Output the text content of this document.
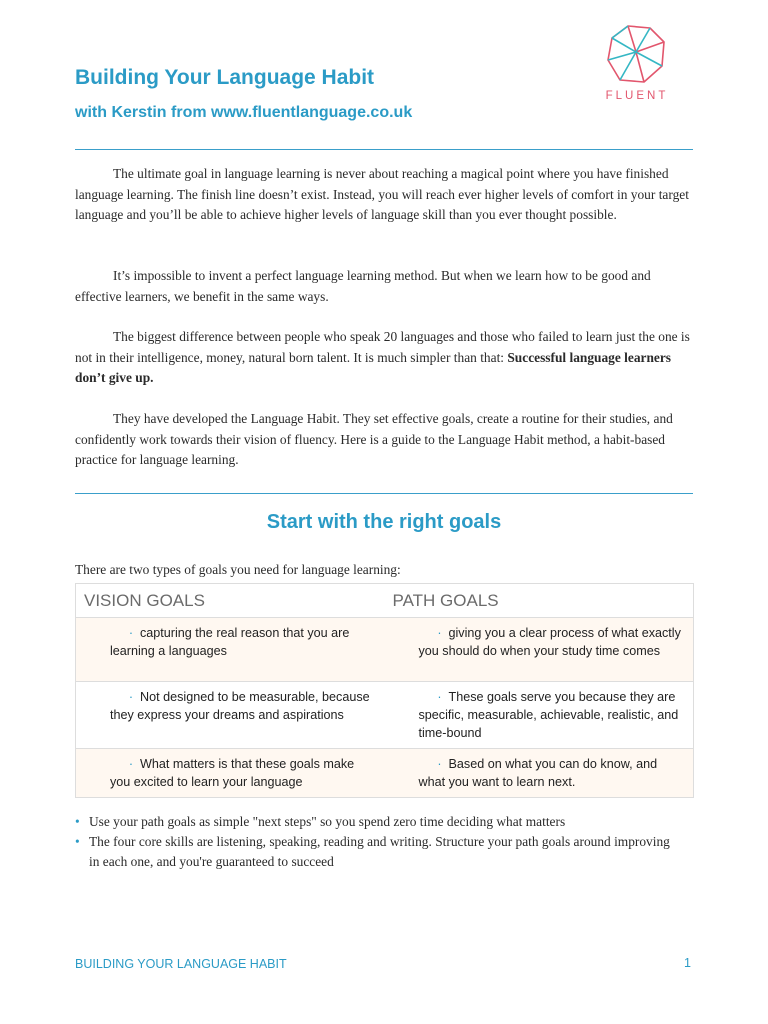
FLUENT
Building Your Language Habit

with Kerstin from www.fluentlanguage.co.uk

The ultimate goal in language learning is never about reaching a magical point where you have finished language learning. The finish line doesn’t exist. Instead, you will reach ever higher levels of comfort in your target language and you’ll be able to achieve higher levels of language skill than you ever thought possible.

It’s impossible to invent a perfect language learning method. But when we learn how to be good and effective learners, we benefit in the same ways.

The biggest difference between people who speak 20 languages and those who failed to learn just the one is not in their intelligence, money, natural born talent. It is much simpler than that: Successful language learners don’t give up.

They have developed the Language Habit. They set effective goals, create a routine for their studies, and confidently work towards their vision of fluency. Here is a guide to the Language Habit method, a habit-based practice for language learning.

Start with the right goals

There are two types of goals you need for language learning:

VISION GOALS	PATH GOALS
· capturing the real reason that you are learning a languages	· giving you a clear process of what exactly you should do when your study time comes
· Not designed to be measurable, because they express your dreams and aspirations	· These goals serve you because they are specific, measurable, achievable, realistic, and time-bound
· What matters is that these goals make you excited to learn your language	· Based on what you can do know, and what you want to learn next.
• Use your path goals as simple "next steps" so you spend zero time deciding what matters
• The four core skills are listening, speaking, reading and writing. Structure your path goals around improving in each one, and you're guaranteed to succeed

BUILDING YOUR LANGUAGE HABIT	1
